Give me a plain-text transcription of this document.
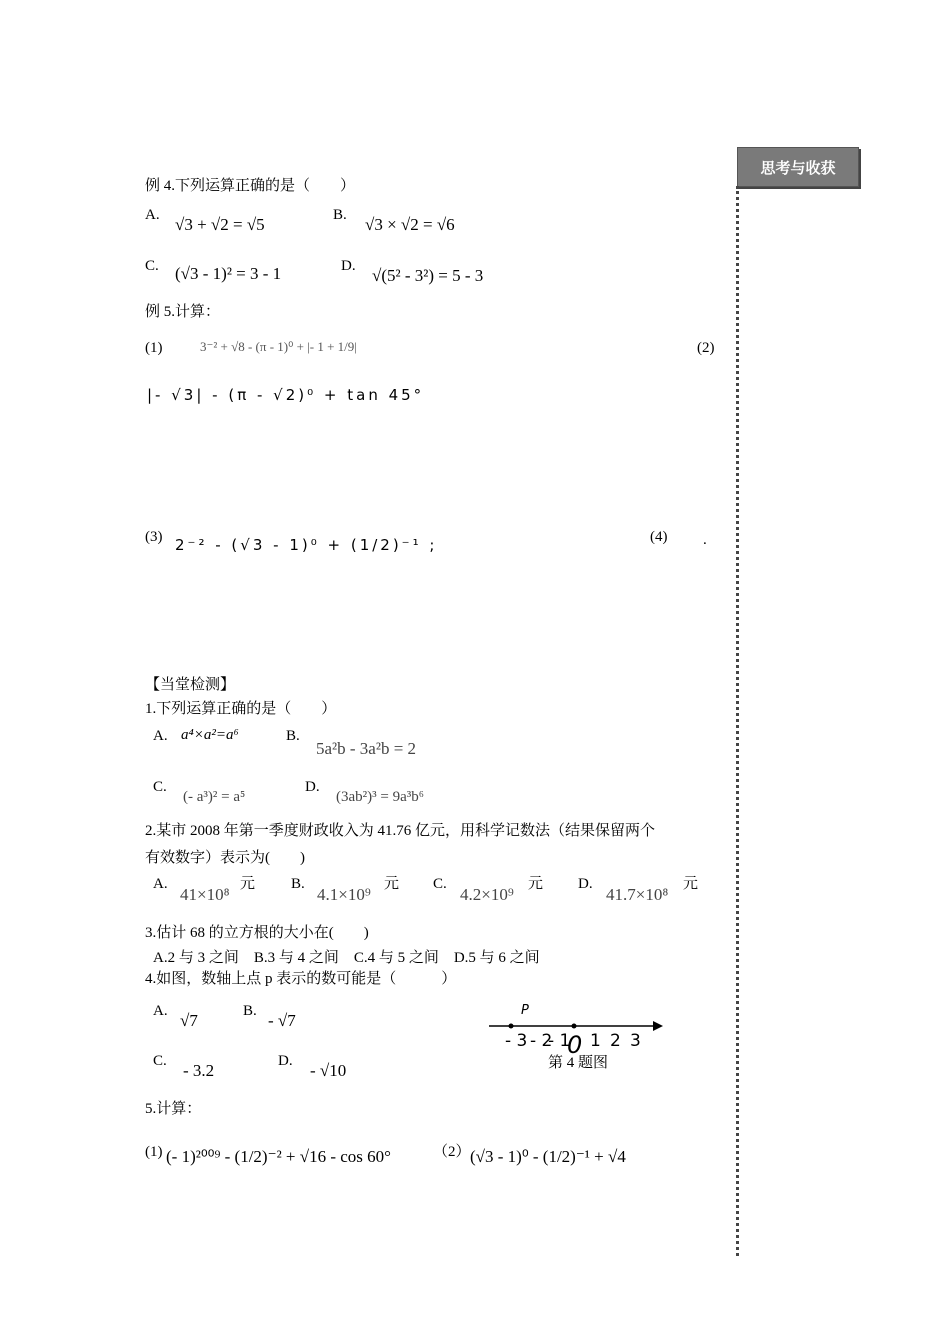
思考与收获
例 4.下列运算正确的是（　　）
A. √3 + √2 = √5	B. √3 × √2 = √6
C. (√3 - 1)² = 3 - 1	D. √(5² - 3²) = 5 - 3
例 5.计算：
(1)	3⁻² + √8 - (π - 1)⁰ + |- 1 + 1/9|	(2)
|- √3| - (π - √2)⁰ + tan 45°
(3) 2⁻² - (√3 - 1)⁰ + (1/2)⁻¹ ;	(4) .
【当堂检测】
1.下列运算正确的是（　　）
A. a⁴×a²=a⁶	B.
5a²b - 3a²b = 2
C.
(- a³)² = a⁵
D.
(3ab²)³ = 9a³b⁶
2.某市 2008 年第一季度财政收入为 41.76 亿元，用科学记数法（结果保留两个
有效数字）表示为(　　)
A.
41×10⁸
元 B.
4.1×10⁹
元 C.
4.2×10⁹
元 D.
41.7×10⁸
元
3.估计 68 的立方根的大小在(　　)
A.2 与 3 之间　B.3 与 4 之间　C.4 与 5 之间　D.5 与 6 之间
4.如图，数轴上点 p 表示的数可能是（　　　）
A. √7	B. - √7
C. - 3.2	D. - √10
P
- 3 - 2
- 1
0 1 2 3
第 4 题图
5.计算：
(1) (- 1)²⁰⁰⁹ - (1/2)⁻² + √16 - cos 60°	（2） (√3 - 1)⁰ - (1/2)⁻¹ + √4
